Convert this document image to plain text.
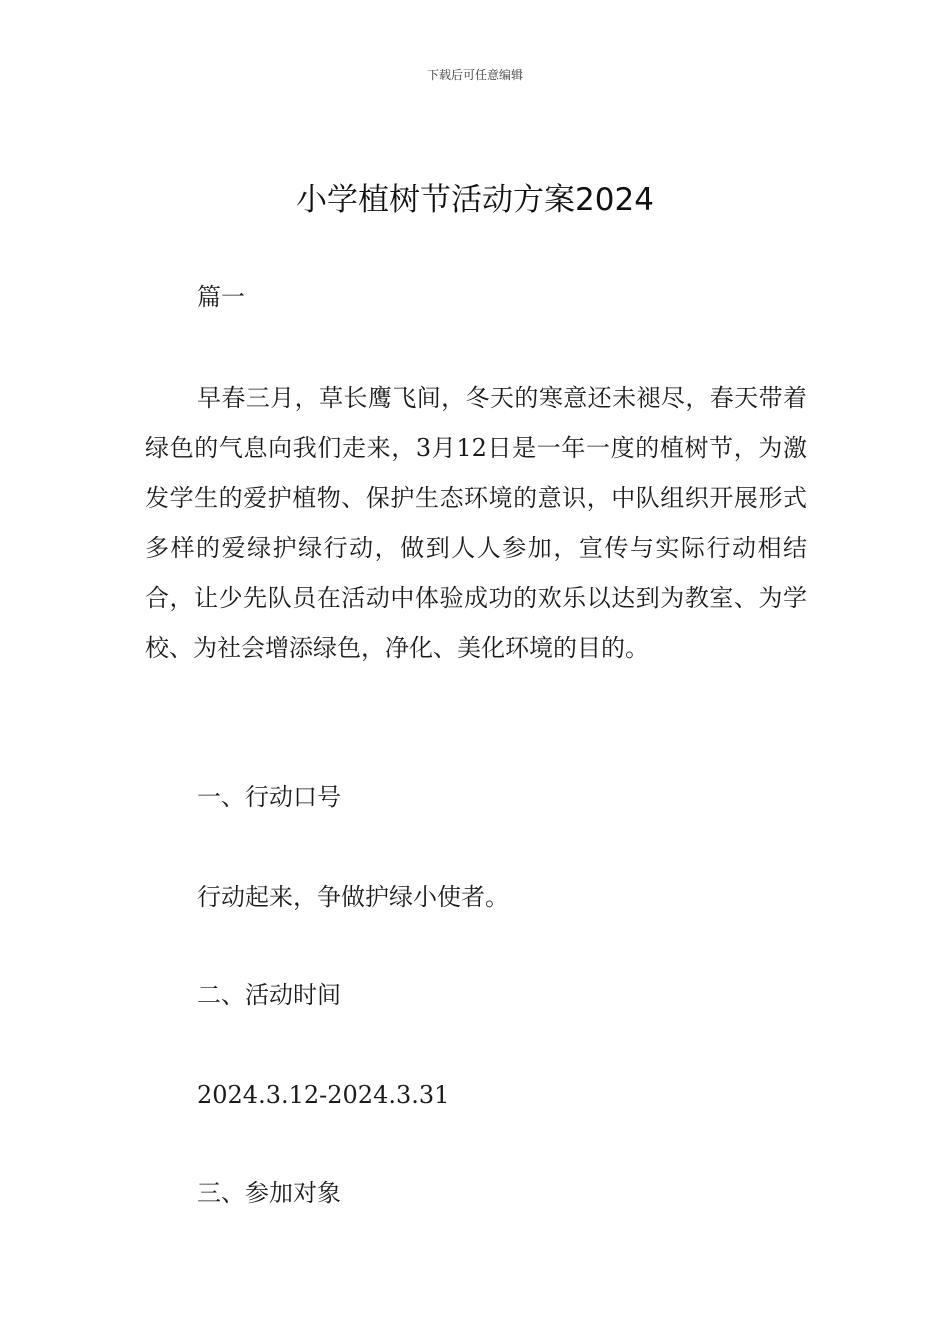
下载后可任意编辑
小学植树节活动方案2024

篇一

早春三月，草长鹰飞间，冬天的寒意还未褪尽，春天带着绿色的气息向我们走来，3月12日是一年一度的植树节，为激发学生的爱护植物、保护生态环境的意识，中队组织开展形式多样的爱绿护绿行动，做到人人参加，宣传与实际行动相结合，让少先队员在活动中体验成功的欢乐以达到为教室、为学校、为社会增添绿色，净化、美化环境的目的。

一、行动口号

行动起来，争做护绿小使者。

二、活动时间

2024.3.12-2024.3.31

三、参加对象
